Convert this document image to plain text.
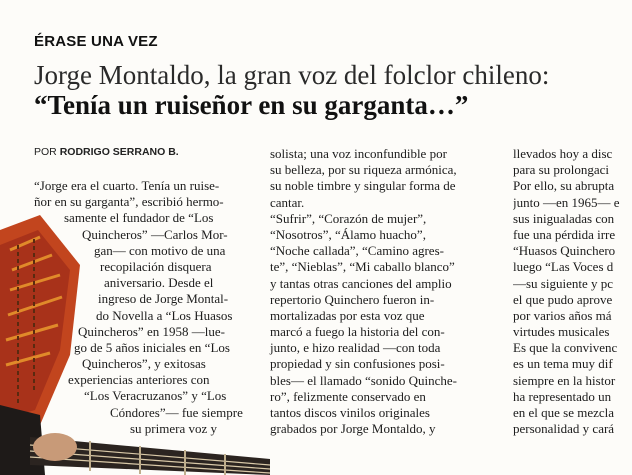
ÉRASE UNA VEZ
Jorge Montaldo, la gran voz del folclor chileno:
“Tenía un ruiseñor en su garganta…”
POR RODRIGO SERRANO B.
“Jorge era el cuarto. Tenía un ruise-
ñor en su garganta”, escribió hermo-
samente el fundador de “Los
Quincheros” —Carlos Mor-
gan— con motivo de una
recopilación disquera
aniversario. Desde el
ingreso de Jorge Montal-
do Novella a “Los Huasos
Quincheros” en 1958 —lue-
go de 5 años iniciales en “Los
Quincheros”, y exitosas
experiencias anteriores con
“Los Veracruzanos” y “Los
Cóndores”— fue siempre
su primera voz y
solista; una voz inconfundible por
su belleza, por su riqueza armónica,
su noble timbre y singular forma de
cantar.
“Sufrir”, “Corazón de mujer”,
“Nosotros”, “Álamo huacho”,
“Noche callada”, “Camino agres-
te”, “Nieblas”, “Mi caballo blanco”
y tantas otras canciones del amplio
repertorio Quinchero fueron in-
mortalizadas por esta voz que
marcó a fuego la historia del con-
junto, e hizo realidad —con toda
propiedad y sin confusiones posi-
bles— el llamado “sonido Quinche-
ro”, felizmente conservado en
tantos discos vinilos originales
grabados por Jorge Montaldo, y
llevados hoy a disc
para su prolongaci
Por ello, su abrupta
junto —en 1965— e
sus inigualadas con
fue una pérdida irre
“Huasos Quinchero
luego “Las Voces d
—su siguiente y pc
el que pudo aprove
por varios años má
virtudes musicales
Es que la convivenc
es un tema muy dif
siempre en la histor
ha representado un
en el que se mezcla
personalidad y cará
